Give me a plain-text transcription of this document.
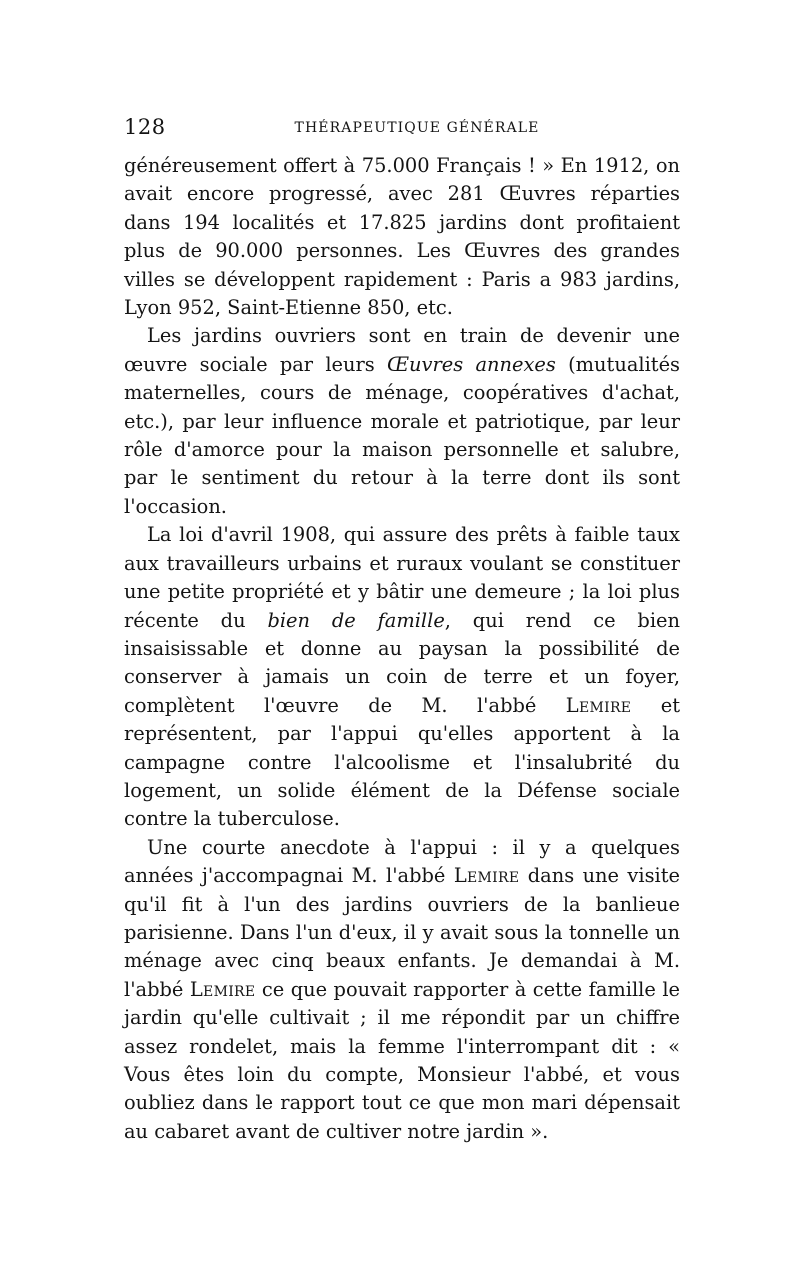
128	THÉRAPEUTIQUE GÉNÉRALE

généreusement offert à 75.000 Français ! » En 1912, on avait encore progressé, avec 281 Œuvres réparties dans 194 localités et 17.825 jardins dont profitaient plus de 90.000 personnes. Les Œuvres des grandes villes se développent rapidement : Paris a 983 jardins, Lyon 952, Saint-Etienne 850, etc.

Les jardins ouvriers sont en train de devenir une œuvre sociale par leurs Œuvres annexes (mutualités maternelles, cours de ménage, coopératives d'achat, etc.), par leur influence morale et patriotique, par leur rôle d'amorce pour la maison personnelle et salubre, par le sentiment du retour à la terre dont ils sont l'occasion.

La loi d'avril 1908, qui assure des prêts à faible taux aux travailleurs urbains et ruraux voulant se constituer une petite propriété et y bâtir une demeure ; la loi plus récente du bien de famille, qui rend ce bien insaisissable et donne au paysan la possibilité de conserver à jamais un coin de terre et un foyer, complètent l'œuvre de M. l'abbé Lemire et représentent, par l'appui qu'elles apportent à la campagne contre l'alcoolisme et l'insalubrité du logement, un solide élément de la Défense sociale contre la tuberculose.

Une courte anecdote à l'appui : il y a quelques années j'accompagnai M. l'abbé Lemire dans une visite qu'il fit à l'un des jardins ouvriers de la banlieue parisienne. Dans l'un d'eux, il y avait sous la tonnelle un ménage avec cinq beaux enfants. Je demandai à M. l'abbé Lemire ce que pouvait rapporter à cette famille le jardin qu'elle cultivait ; il me répondit par un chiffre assez rondelet, mais la femme l'interrompant dit : « Vous êtes loin du compte, Monsieur l'abbé, et vous oubliez dans le rapport tout ce que mon mari dépensait au cabaret avant de cultiver notre jardin ».
